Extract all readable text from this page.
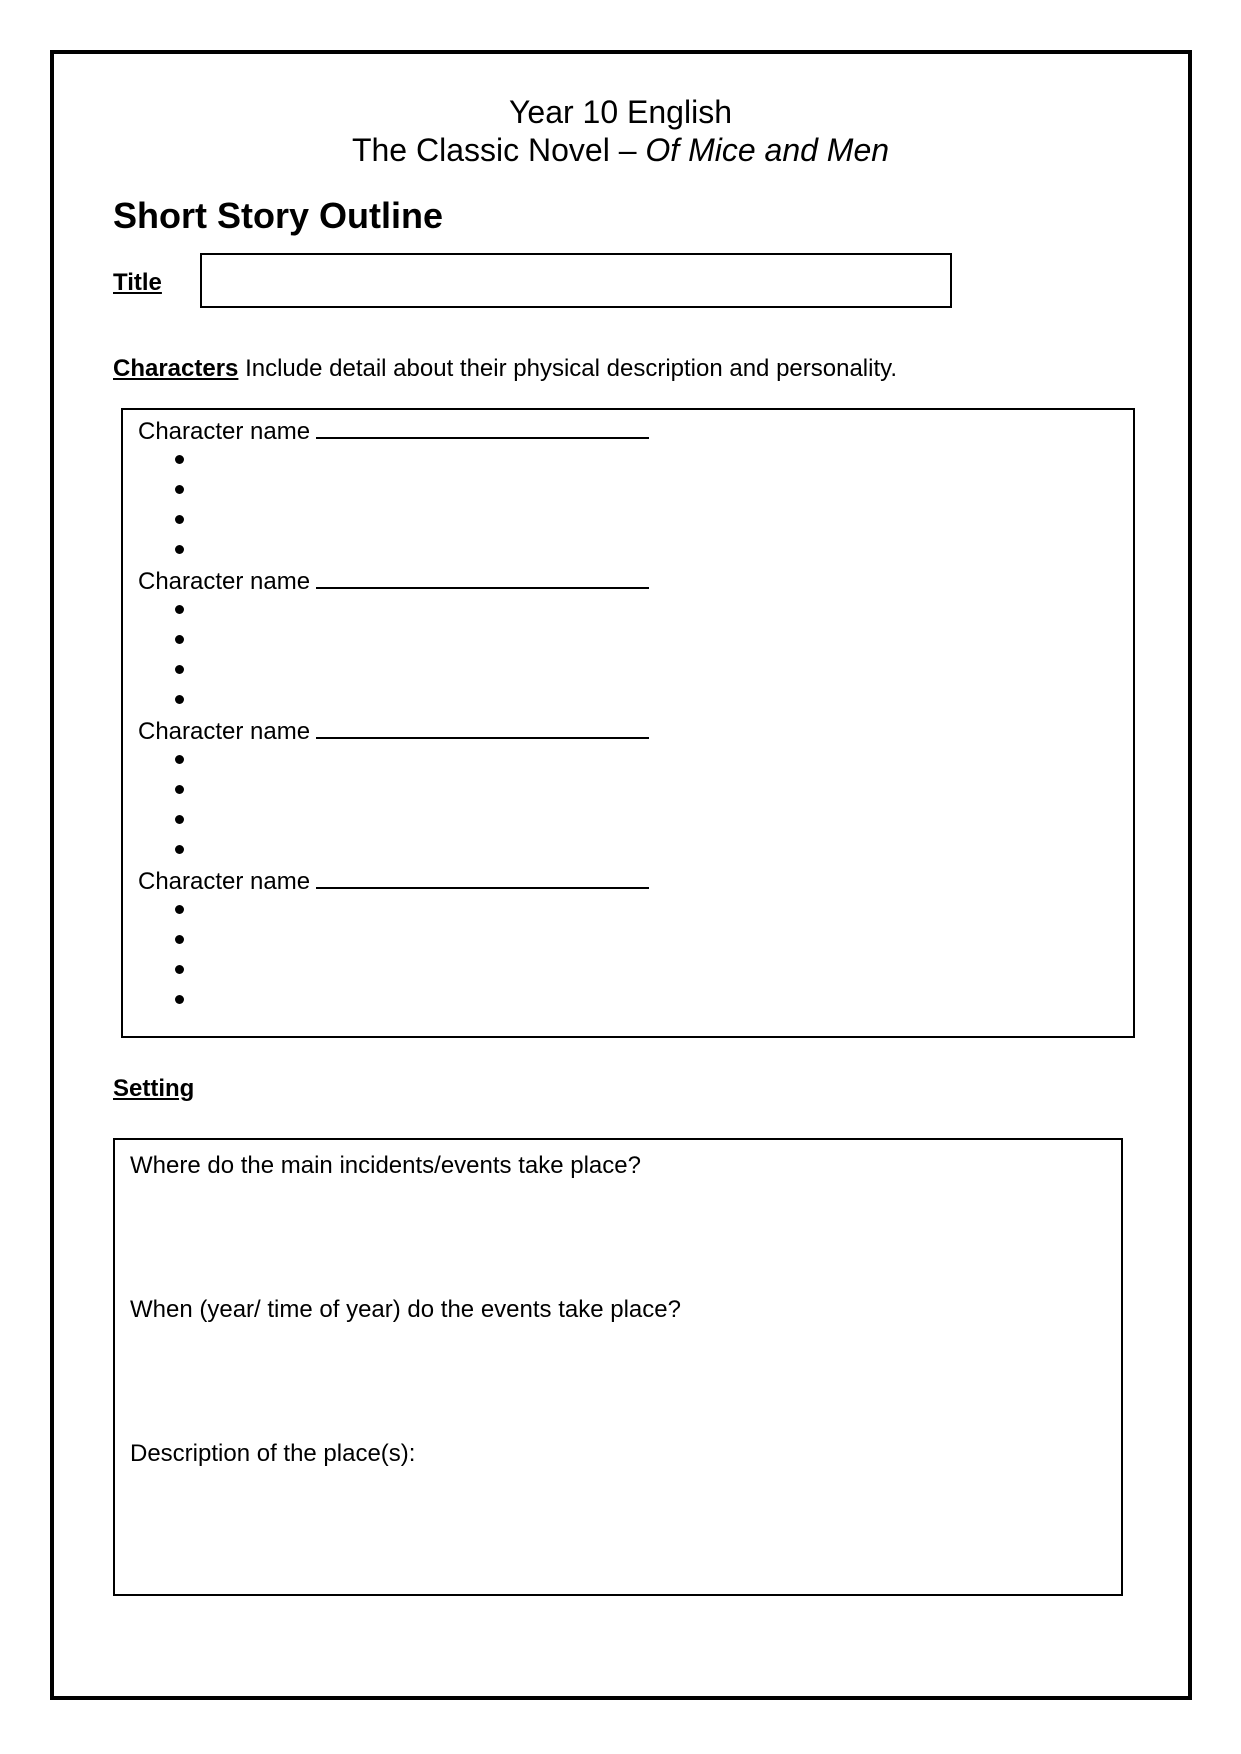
Year 10 English
The Classic Novel – Of Mice and Men
Short Story Outline
Title
Characters Include detail about their physical description and personality.
Character name
Character name
Character name
Character name
Setting
Where do the main incidents/events take place?
When (year/ time of year) do the events take place?
Description of the place(s):
